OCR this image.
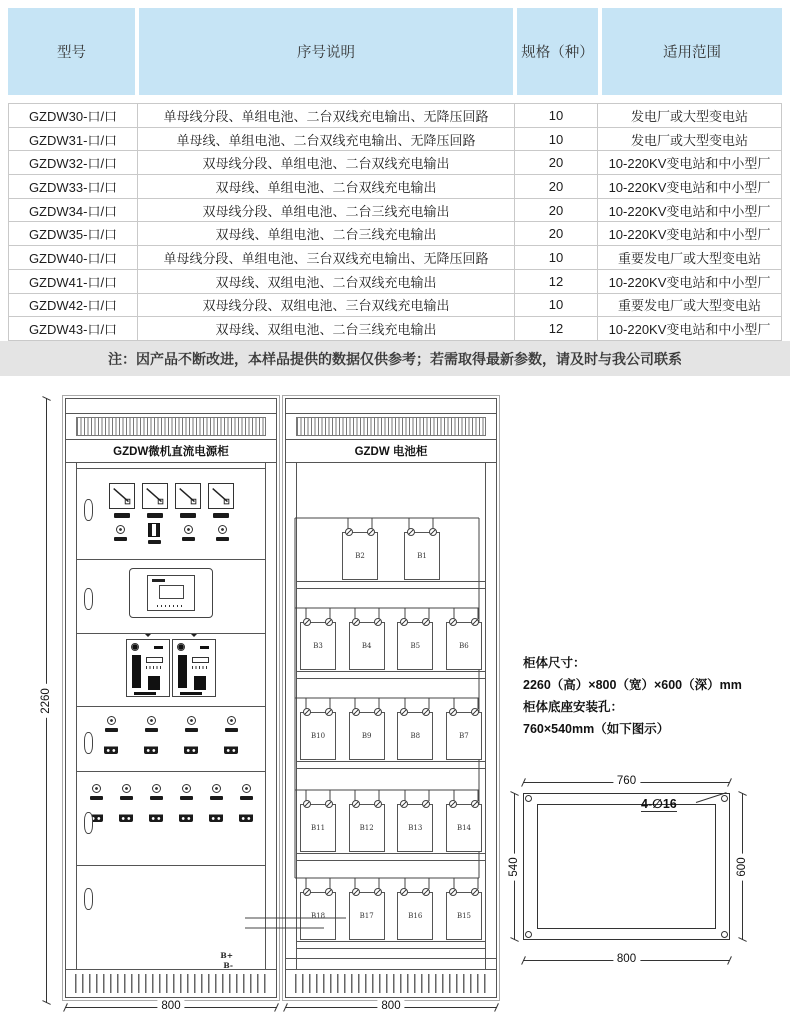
型号	序号说明	规格（种）	适用范围
GZDW30-口/口	单母线分段、单组电池、二台双线充电输出、无降压回路	10	发电厂或大型变电站
GZDW31-口/口	单母线、单组电池、二台双线充电输出、无降压回路	10	发电厂或大型变电站
GZDW32-口/口	双母线分段、单组电池、二台双线充电输出	20	10-220KV变电站和中小型厂
GZDW33-口/口	双母线、单组电池、二台双线充电输出	20	10-220KV变电站和中小型厂
GZDW34-口/口	双母线分段、单组电池、二台三线充电输出	20	10-220KV变电站和中小型厂
GZDW35-口/口	双母线、单组电池、二台三线充电输出	20	10-220KV变电站和中小型厂
GZDW40-口/口	单母线分段、单组电池、三台双线充电输出、无降压回路	10	重要发电厂或大型变电站
GZDW41-口/口	双母线、双组电池、二台双线充电输出	12	10-220KV变电站和中小型厂
GZDW42-口/口	双母线分段、双组电池、三台双线充电输出	10	重要发电厂或大型变电站
GZDW43-口/口	双母线、双组电池、二台三线充电输出	12	10-220KV变电站和中小型厂
注：因产品不断改进，本样品提供的数据仅供参考；若需取得最新参数，请及时与我公司联系
2260
GZDW微机直流电源柜
B+
B-
GZDW 电池柜
B2	B1
B3	B4	B5	B6
B10	B9	B8	B7
B11	B12	B13	B14
B18	B17	B16	B15
800	800
柜体尺寸：
2260（高）×800（宽）×600（深）mm
柜体底座安装孔：
760×540mm（如下图示）
760
4-∅16
600
540
800
